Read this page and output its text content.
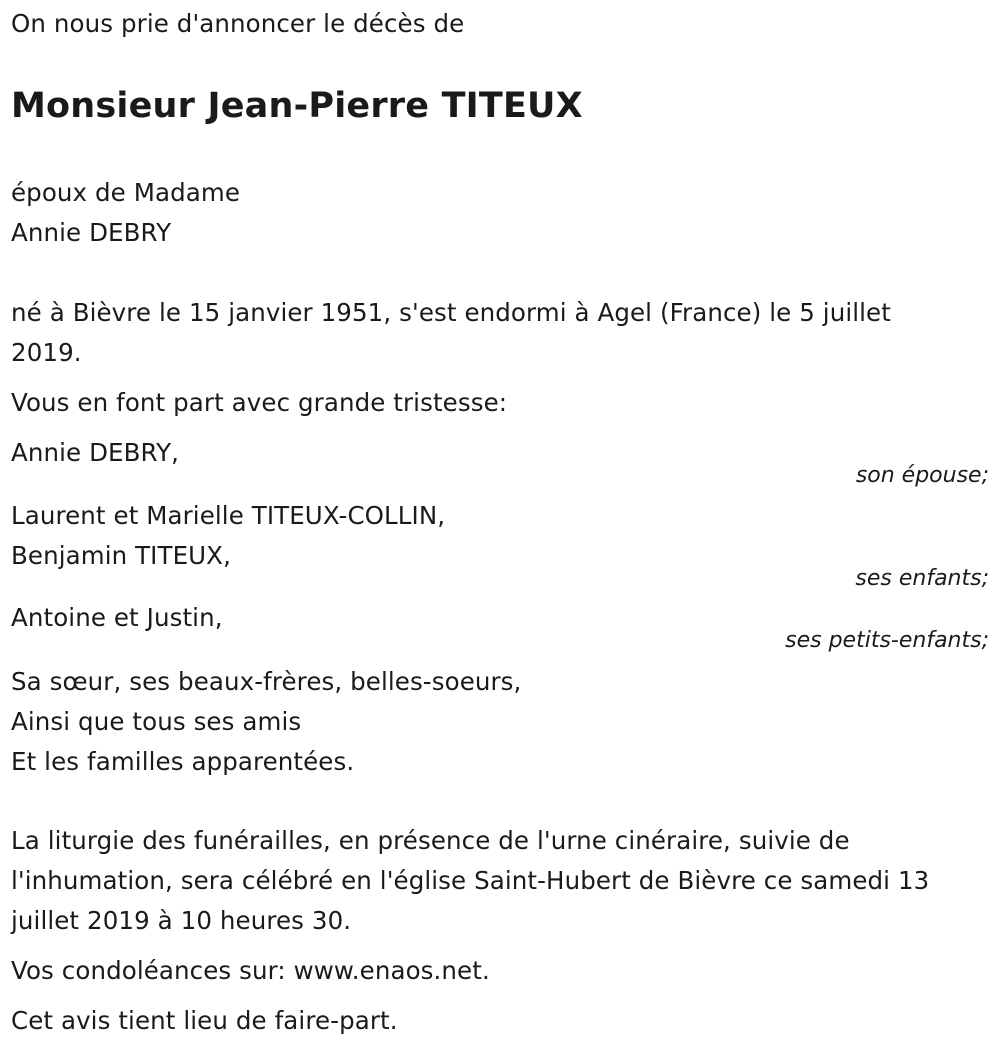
On nous prie d'annoncer le décès de
Monsieur Jean-Pierre TITEUX
époux de Madame
Annie DEBRY
né à Bièvre le 15 janvier 1951, s'est endormi à Agel (France) le 5 juillet
2019.
Vous en font part avec grande tristesse:
Annie DEBRY,
son épouse;
Laurent et Marielle TITEUX-COLLIN,
Benjamin TITEUX,
ses enfants;
Antoine et Justin,
ses petits-enfants;
Sa sœur, ses beaux-frères, belles-soeurs,
Ainsi que tous ses amis
Et les familles apparentées.
La liturgie des funérailles, en présence de l'urne cinéraire, suivie de
l'inhumation, sera célébré en l'église Saint-Hubert de Bièvre ce samedi 13
juillet 2019 à 10 heures 30.
Vos condoléances sur: www.enaos.net.
Cet avis tient lieu de faire-part.
